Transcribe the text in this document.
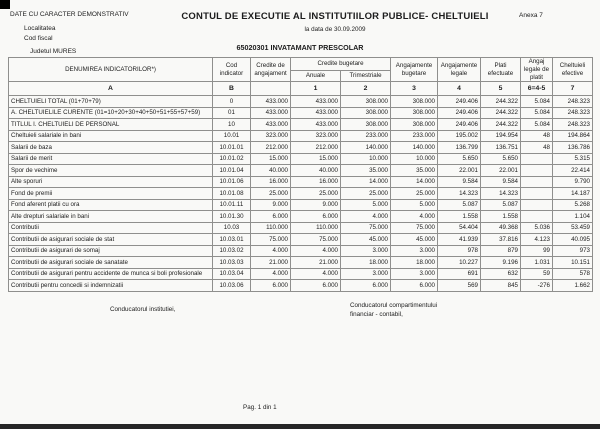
DATE CU CARACTER DEMONSTRATIV
Localitatea
Cod fiscal
Judetul MURES
CONTUL DE EXECUTIE AL INSTITUTIILOR PUBLICE- CHELTUIELI
la data de 30.09.2009
Anexa 7
65020301 INVATAMANT PRESCOLAR
DENUMIREA INDICATORILOR*)	Cod indicator	Credite de angajament	Credite bugetare		Angajamente bugetare	Angajamente legale	Plati efectuate	Angaj legale de platit	Cheltuieli efective
			Anuale	Trimestriale					
A	B		1	2	3	4	5	6=4-5	7
CHELTUIELI TOTAL (01+70+79)	0	433.000	433.000	308.000	308.000	249.406	244.322	5.084	248.323
A. CHELTUIELILE CURENTE (01=10+20+30+40+50+51+55+57+59)	01	433.000	433.000	308.000	308.000	249.406	244.322	5.084	248.323
TITLUL I. CHELTUIELI DE PERSONAL	10	433.000	433.000	308.000	308.000	249.406	244.322	5.084	248.323
Cheltuieli salariale in bani	10.01	323.000	323.000	233.000	233.000	195.002	194.954	48	194.864
Salarii de baza	10.01.01	212.000	212.000	140.000	140.000	136.799	136.751	48	136.786
Salarii de merit	10.01.02	15.000	15.000	10.000	10.000	5.650	5.650		5.315
Spor de vechime	10.01.04	40.000	40.000	35.000	35.000	22.001	22.001		22.414
Alte sporuri	10.01.06	16.000	16.000	14.000	14.000	9.584	9.584		9.790
Fond de premii	10.01.08	25.000	25.000	25.000	25.000	14.323	14.323		14.187
Fond aferent platii cu ora	10.01.11	9.000	9.000	5.000	5.000	5.087	5.087		5.268
Alte drepturi salariale in bani	10.01.30	6.000	6.000	4.000	4.000	1.558	1.558		1.104
Contributii	10.03	110.000	110.000	75.000	75.000	54.404	49.368	5.036	53.459
Contributii de asigurari sociale de stat	10.03.01	75.000	75.000	45.000	45.000	41.939	37.816	4.123	40.095
Contributii de asigurari de somaj	10.03.02	4.000	4.000	3.000	3.000	978	879	99	973
Contributii de asigurari sociale de sanatate	10.03.03	21.000	21.000	18.000	18.000	10.227	9.196	1.031	10.151
Contributii de asigurari pentru accidente de munca si boli profesionale	10.03.04	4.000	4.000	3.000	3.000	691	632	59	578
Contributii pentru concedii si indemnizatii	10.03.06	6.000	6.000	6.000	6.000	569	845	-276	1.662
Conducatorul institutiei,
Conducatorul compartimentului
financiar - contabil,
Pag. 1 din 1
